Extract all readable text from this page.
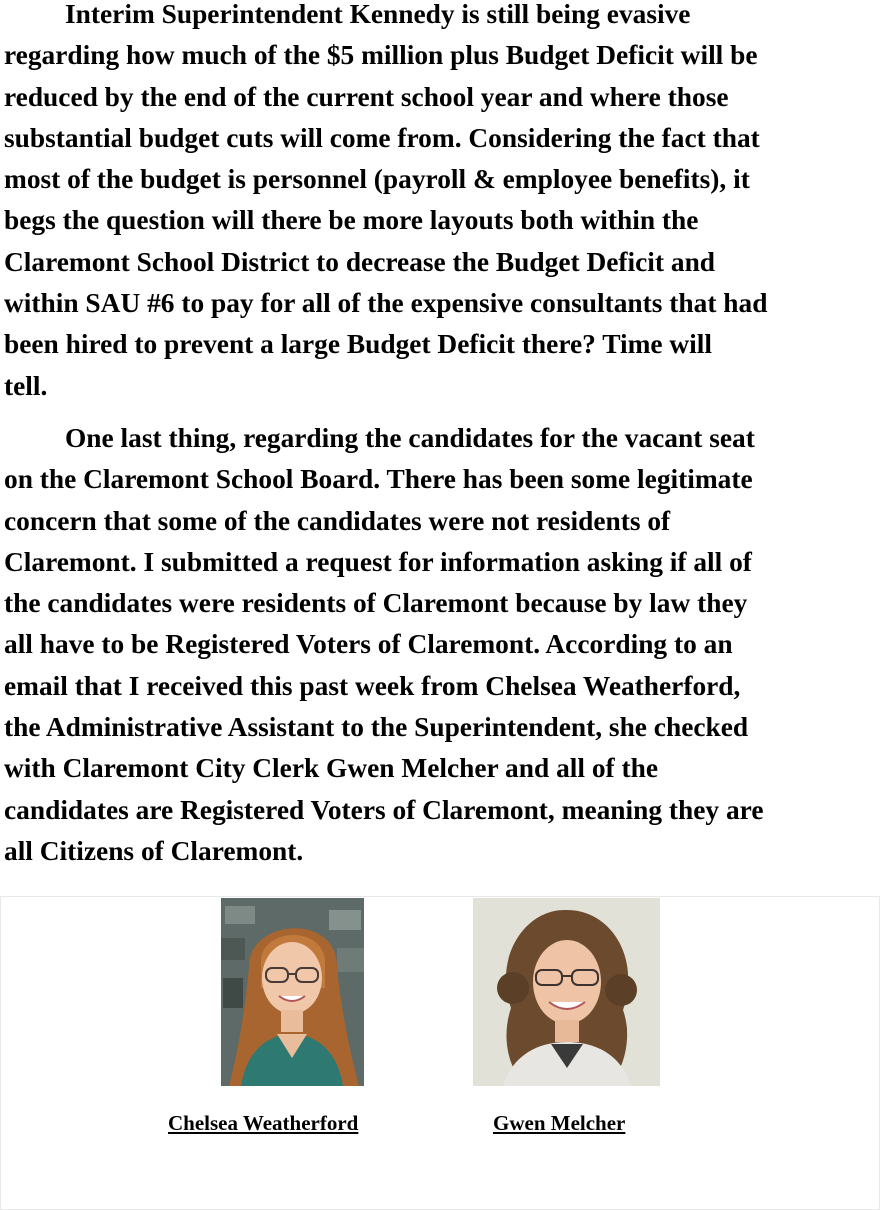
Interim Superintendent Kennedy is still being evasive
regarding how much of the $5 million plus Budget Deficit will be
reduced by the end of the current school year and where those
substantial budget cuts will come from. Considering the fact that
most of the budget is personnel (payroll & employee benefits), it
begs the question will there be more layouts both within the
Claremont School District to decrease the Budget Deficit and
within SAU #6 to pay for all of the expensive consultants that had
been hired to prevent a large Budget Deficit there? Time will
tell.

One last thing, regarding the candidates for the vacant seat
on the Claremont School Board. There has been some legitimate
concern that some of the candidates were not residents of
Claremont. I submitted a request for information asking if all of
the candidates were residents of Claremont because by law they
all have to be Registered Voters of Claremont. According to an
email that I received this past week from Chelsea Weatherford,
the Administrative Assistant to the Superintendent, she checked
with Claremont City Clerk Gwen Melcher and all of the
candidates are Registered Voters of Claremont, meaning they are
all Citizens of Claremont.

Chelsea Weatherford	Gwen Melcher
